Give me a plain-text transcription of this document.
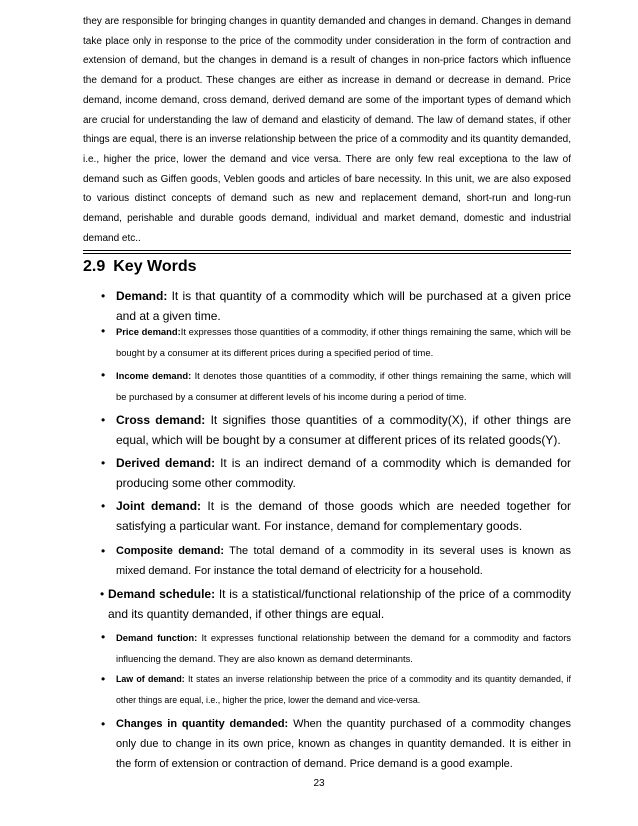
they are responsible for bringing changes in quantity demanded and changes in demand. Changes in demand take place only in response to the price of the commodity under consideration in the form of contraction and extension of demand, but the changes in demand is a result of changes in non-price factors which influence the demand for a product. These changes are either as increase in demand or decrease in demand. Price demand, income demand, cross demand, derived demand are some of the important types of demand which are crucial for understanding the law of demand and elasticity of demand. The law of demand states, if other things are equal, there is an inverse relationship between the price of a commodity and its quantity demanded, i.e., higher the price, lower the demand and vice versa. There are only few real exceptiona to the law of demand such as Giffen goods, Veblen goods and articles of bare necessity. In this unit, we are also exposed to various distinct concepts of demand such as new and replacement demand, short-run and long-run demand, perishable and durable goods demand, individual and market demand, domestic and industrial demand etc..

2.9 Key Words

• Demand: It is that quantity of a commodity which will be purchased at a given price and at a given time.

• Price demand:It expresses those quantities of a commodity, if other things remaining the same, which will be bought by a consumer at its different prices during a specified period of time.

• Income demand: It denotes those quantities of a commodity, if other things remaining the same, which will be purchased by a consumer at different levels of his income during a period of time.

• Cross demand: It signifies those quantities of a commodity(X), if other things are equal, which will be bought by a consumer at different prices of its related goods(Y).

• Derived demand: It is an indirect demand of a commodity which is demanded for producing some other commodity.

• Joint demand: It is the demand of those goods which are needed together for satisfying a particular want. For instance, demand for complementary goods.

• Composite demand: The total demand of a commodity in its several uses is known as mixed demand. For instance the total demand of electricity for a household.

• Demand schedule: It is a statistical/functional relationship of the price of a commodity and its quantity demanded, if other things are equal.

• Demand function: It expresses functional relationship between the demand for a commodity and factors influencing the demand. They are also known as demand determinants.

• Law of demand: It states an inverse relationship between the price of a commodity and its quantity demanded, if other things are equal, i.e., higher the price, lower the demand and vice-versa.

• Changes in quantity demanded: When the quantity purchased of a commodity changes only due to change in its own price, known as changes in quantity demanded. It is either in the form of extension or contraction of demand. Price demand is a good example.

23
